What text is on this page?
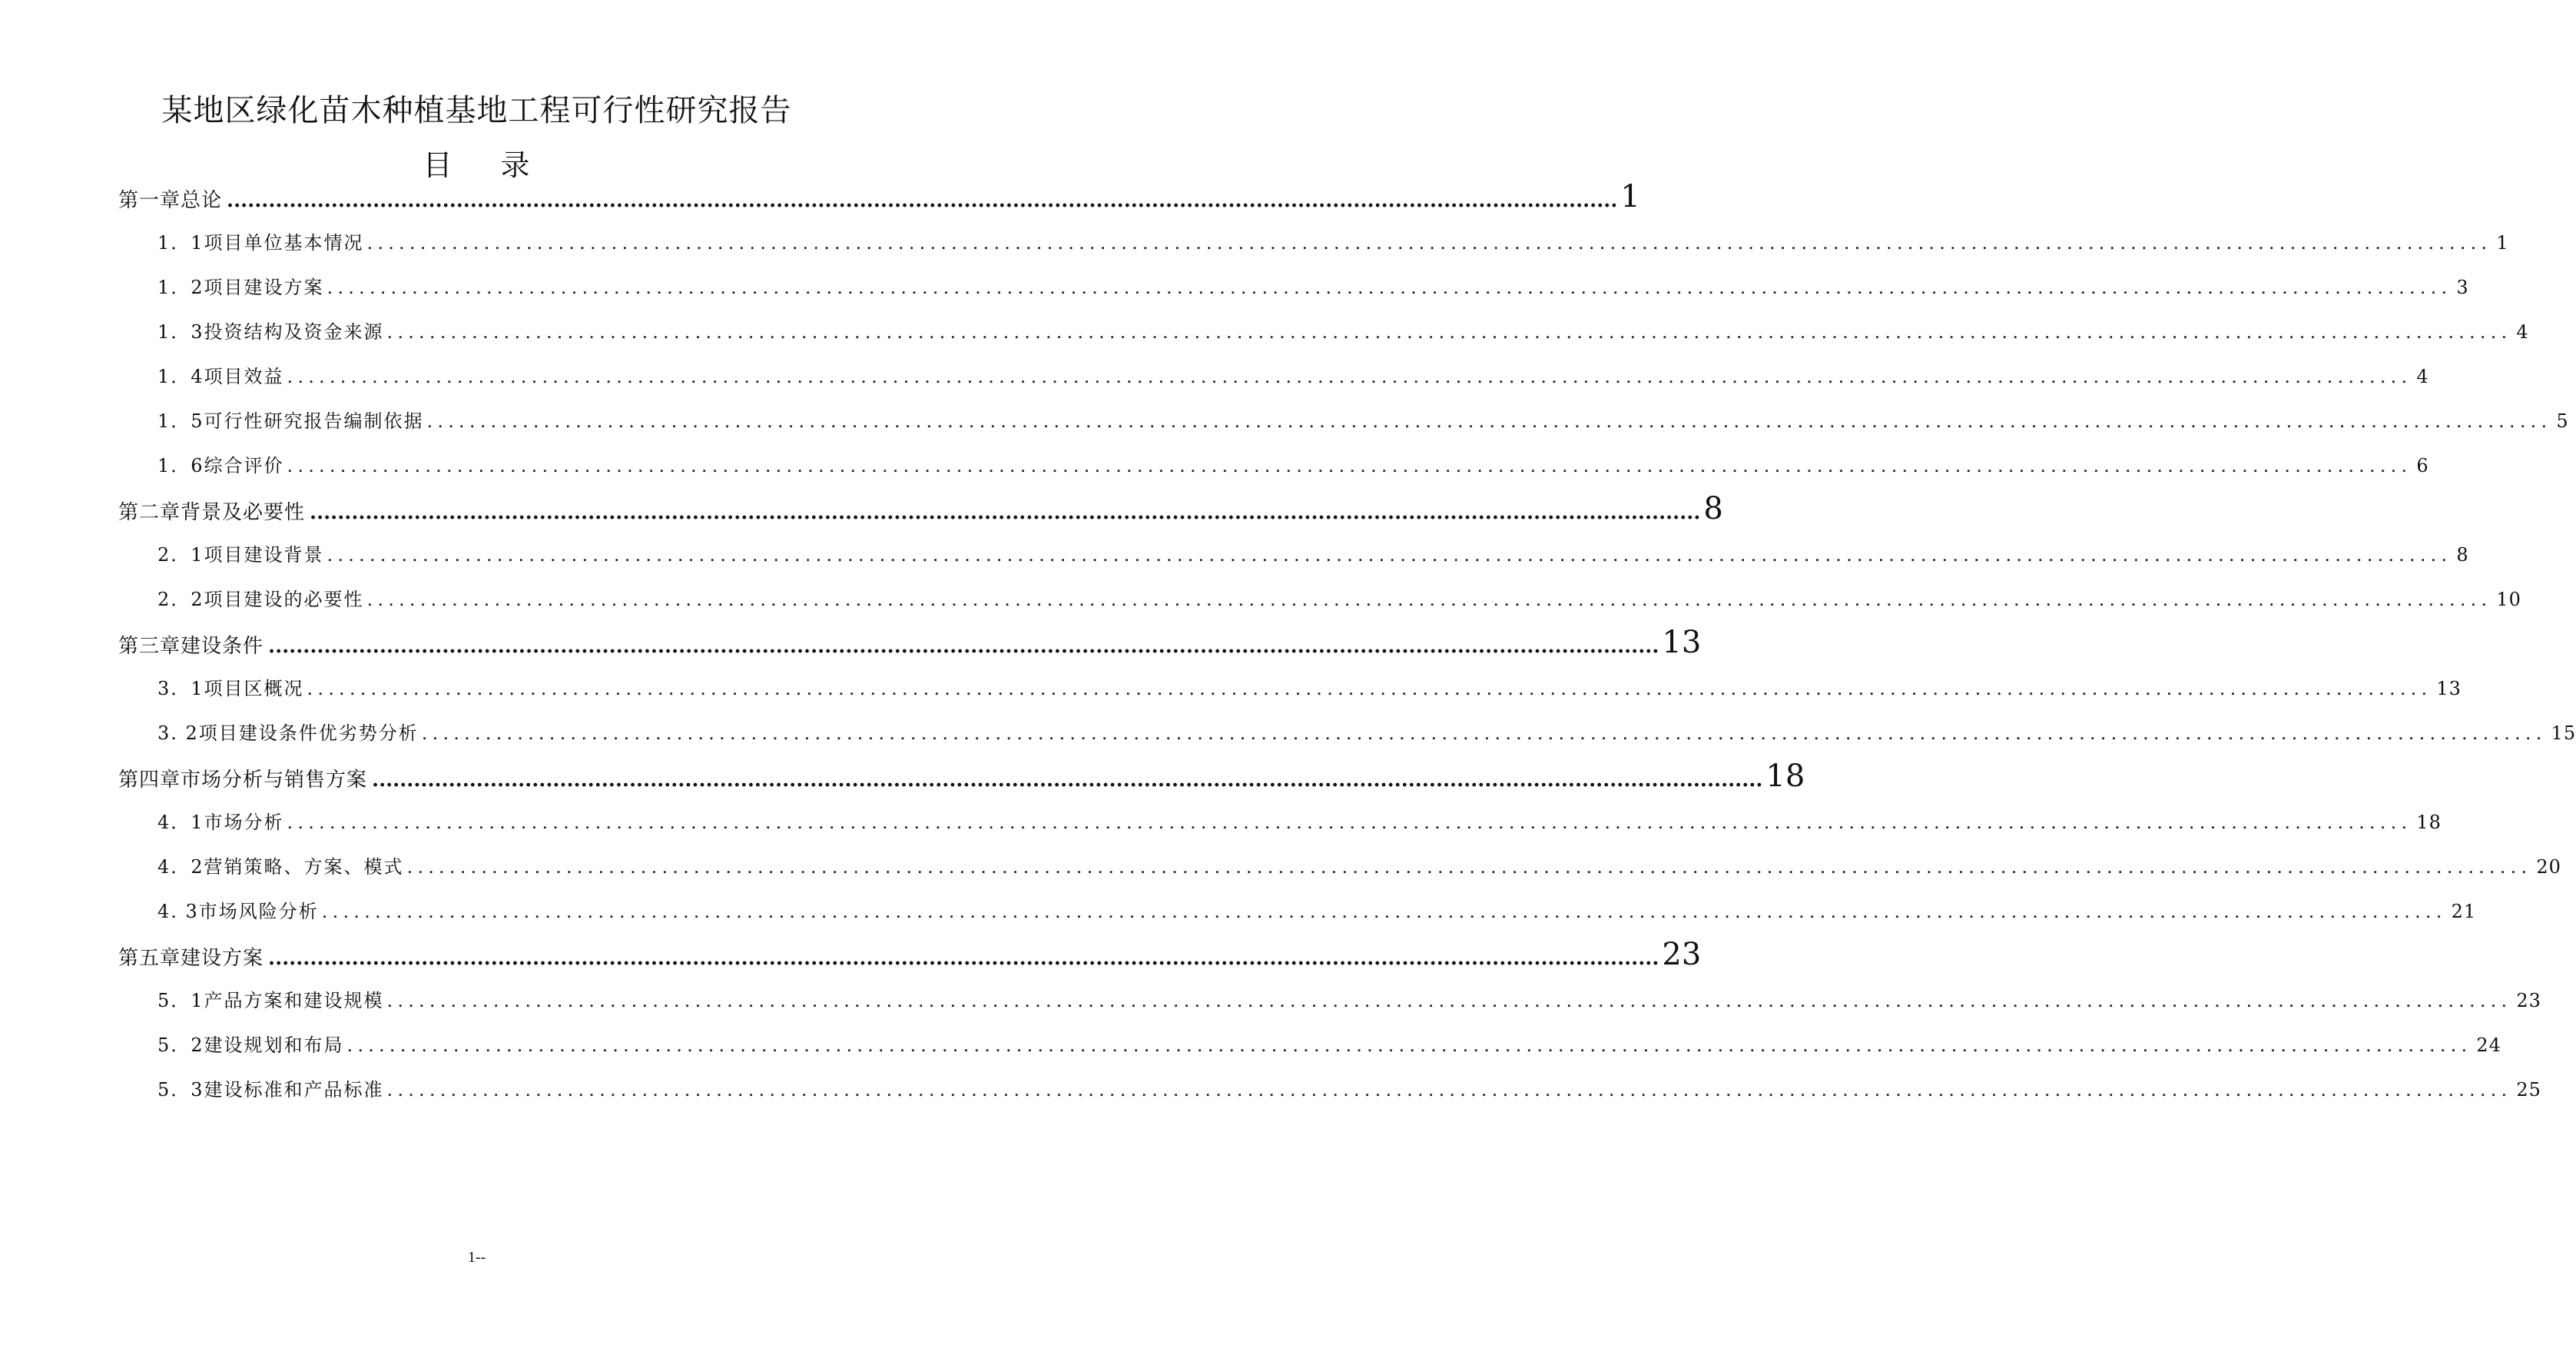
某地区绿化苗木种植基地工程可行性研究报告
目 录
第一章 总论 ........................................................................................................................................................................................................ 1
1．1项目单位基本情况 ........................................................................................................................................................................................................ 1
1．2项目建设方案 ........................................................................................................................................................................................................ 3
1．3投资结构及资金来源 ........................................................................................................................................................................................................ 4
1．4项目效益 ........................................................................................................................................................................................................ 4
1．5可行性研究报告编制依据 ........................................................................................................................................................................................................ 5
1．6综合评价 ........................................................................................................................................................................................................ 6
第二章 背景及必要性 ........................................................................................................................................................................................................ 8
2．1项目建设背景 ........................................................................................................................................................................................................ 8
2．2项目建设的必要性 ........................................................................................................................................................................................................ 10
第三章 建设条件 ........................................................................................................................................................................................................ 13
3．1项目区概况 ........................................................................................................................................................................................................ 13
3. 2项目建设条件优劣势分析 ........................................................................................................................................................................................................ 15
第四章 市场分析与销售方案 ........................................................................................................................................................................................................ 18
4．1市场分析 ........................................................................................................................................................................................................ 18
4．2营销策略、方案、模式 ........................................................................................................................................................................................................ 20
4. 3市场风险分析 ........................................................................................................................................................................................................ 21
第五章 建设方案 ........................................................................................................................................................................................................ 23
5．1产品方案和建设规模 ........................................................................................................................................................................................................ 23
5．2建设规划和布局 ........................................................................................................................................................................................................ 24
5．3建设标准和产品标准 ........................................................................................................................................................................................................ 25
1--
